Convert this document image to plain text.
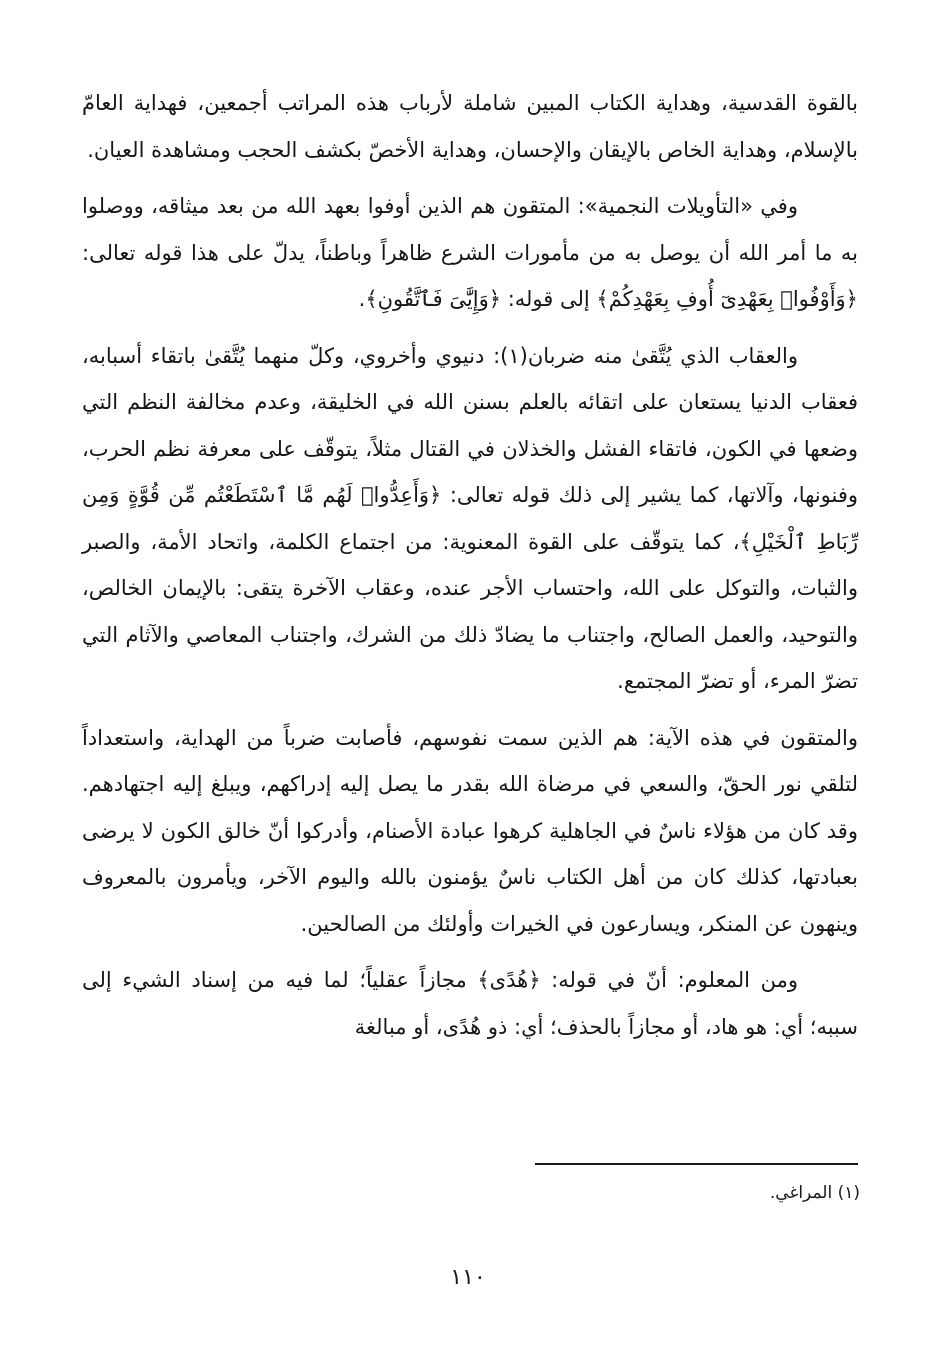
بالقوة القدسية، وهداية الكتاب المبين شاملة لأرباب هذه المراتب أجمعين، فهداية العامّ بالإسلام، وهداية الخاص بالإيقان والإحسان، وهداية الأخصّ بكشف الحجب ومشاهدة العيان.

وفي «التأويلات النجمية»: المتقون هم الذين أوفوا بعهد الله من بعد ميثاقه، ووصلوا به ما أمر الله أن يوصل به من مأمورات الشرع ظاهراً وباطناً، يدلّ على هذا قوله تعالى: ﴿وَأَوْفُوا۟ بِعَهْدِىٓ أُوفِ بِعَهْدِكُمْ﴾ إلى قوله: ﴿وَإِيَّٰىَ فَٱتَّقُونِ﴾.

والعقاب الذي يُتَّقىٰ منه ضربان(١): دنيوي وأخروي، وكلّ منهما يُتَّقىٰ باتقاء أسبابه، فعقاب الدنيا يستعان على اتقائه بالعلم بسنن الله في الخليقة، وعدم مخالفة النظم التي وضعها في الكون، فاتقاء الفشل والخذلان في القتال مثلاً، يتوقّف على معرفة نظم الحرب، وفنونها، وآلاتها، كما يشير إلى ذلك قوله تعالى: ﴿وَأَعِدُّوا۟ لَهُم مَّا ٱسْتَطَعْتُم مِّن قُوَّةٍ وَمِن رِّبَاطِ ٱلْخَيْلِ﴾، كما يتوقّف على القوة المعنوية: من اجتماع الكلمة، واتحاد الأمة، والصبر والثبات، والتوكل على الله، واحتساب الأجر عنده، وعقاب الآخرة يتقى: بالإيمان الخالص، والتوحيد، والعمل الصالح، واجتناب ما يضادّ ذلك من الشرك، واجتناب المعاصي والآثام التي تضرّ المرء، أو تضرّ المجتمع.

والمتقون في هذه الآية: هم الذين سمت نفوسهم، فأصابت ضرباً من الهداية، واستعداداً لتلقي نور الحقّ، والسعي في مرضاة الله بقدر ما يصل إليه إدراكهم، ويبلغ إليه اجتهادهم. وقد كان من هؤلاء ناسٌ في الجاهلية كرهوا عبادة الأصنام، وأدركوا أنّ خالق الكون لا يرضى بعبادتها، كذلك كان من أهل الكتاب ناسٌ يؤمنون بالله واليوم الآخر، ويأمرون بالمعروف وينهون عن المنكر، ويسارعون في الخيرات وأولئك من الصالحين.

ومن المعلوم: أنّ في قوله: ﴿هُدًى﴾ مجازاً عقلياً؛ لما فيه من إسناد الشيء إلى سببه؛ أي: هو هاد، أو مجازاً بالحذف؛ أي: ذو هُدًى، أو مبالغة

(١) المراغي.
١١٠
